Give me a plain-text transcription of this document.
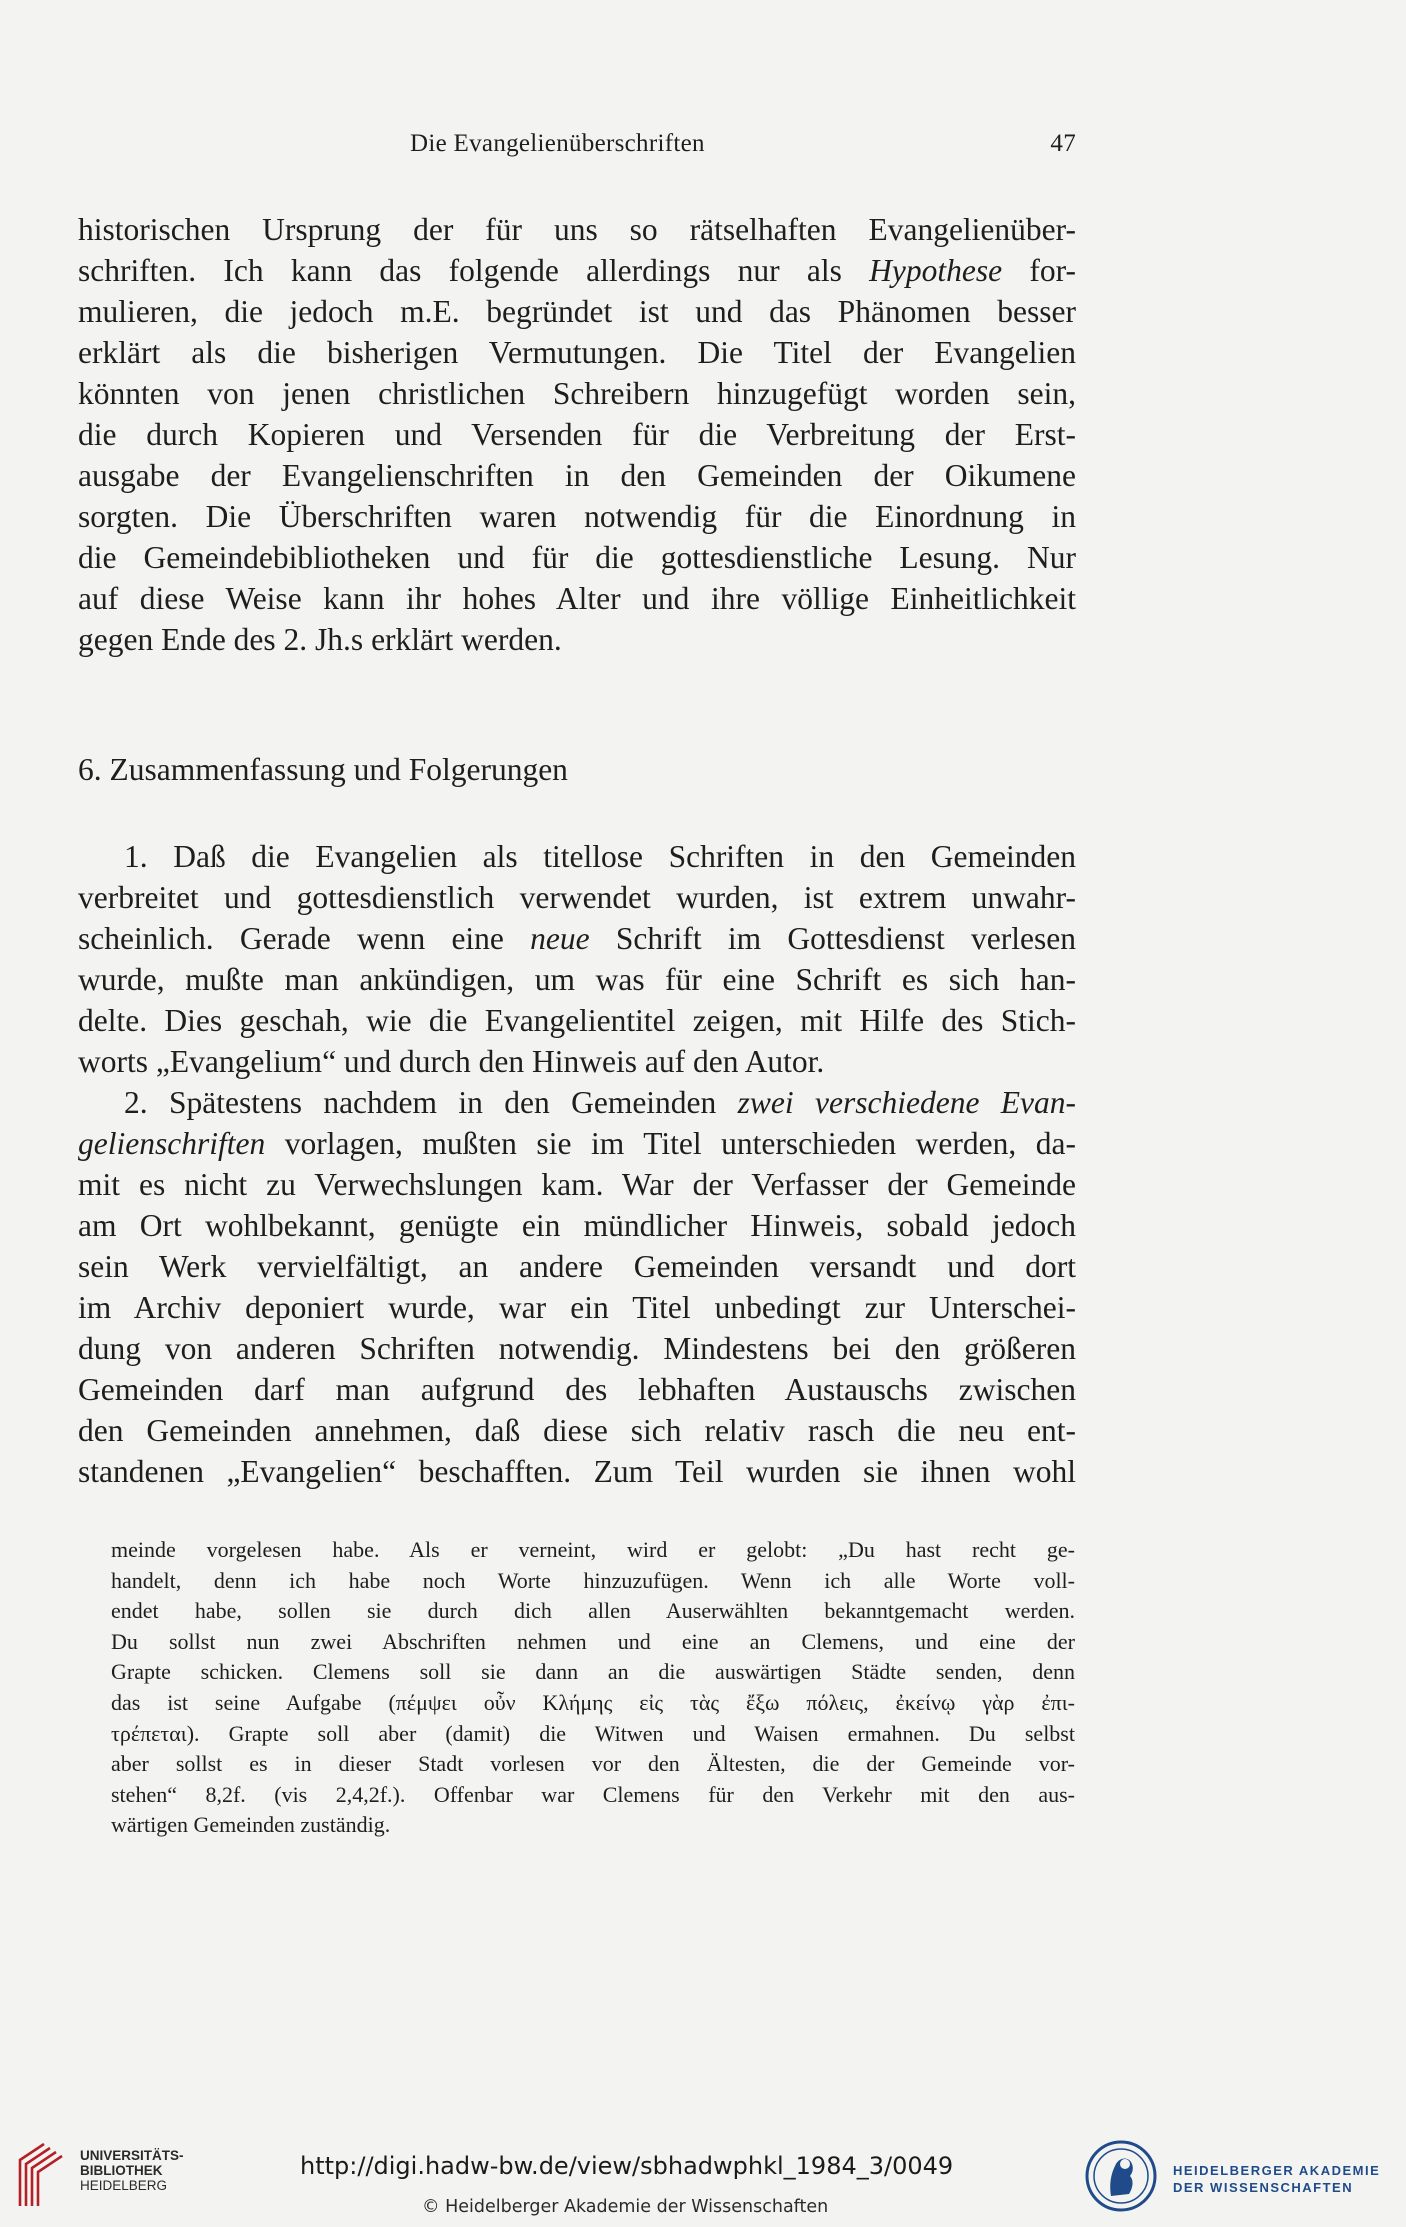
Die Evangelienüberschriften	47
historischen Ursprung der für uns so rätselhaften Evangelienüber-
schriften. Ich kann das folgende allerdings nur als Hypothese for-
mulieren, die jedoch m.E. begründet ist und das Phänomen besser
erklärt als die bisherigen Vermutungen. Die Titel der Evangelien
könnten von jenen christlichen Schreibern hinzugefügt worden sein,
die durch Kopieren und Versenden für die Verbreitung der Erst-
ausgabe der Evangelienschriften in den Gemeinden der Oikumene
sorgten. Die Überschriften waren notwendig für die Einordnung in
die Gemeindebibliotheken und für die gottesdienstliche Lesung. Nur
auf diese Weise kann ihr hohes Alter und ihre völlige Einheitlichkeit
gegen Ende des 2. Jh.s erklärt werden.
6. Zusammenfassung und Folgerungen
1. Daß die Evangelien als titellose Schriften in den Gemeinden
verbreitet und gottesdienstlich verwendet wurden, ist extrem unwahr-
scheinlich. Gerade wenn eine neue Schrift im Gottesdienst verlesen
wurde, mußte man ankündigen, um was für eine Schrift es sich han-
delte. Dies geschah, wie die Evangelientitel zeigen, mit Hilfe des Stich-
worts „Evangelium“ und durch den Hinweis auf den Autor.
2. Spätestens nachdem in den Gemeinden zwei verschiedene Evan-
gelienschriften vorlagen, mußten sie im Titel unterschieden werden, da-
mit es nicht zu Verwechslungen kam. War der Verfasser der Gemeinde
am Ort wohlbekannt, genügte ein mündlicher Hinweis, sobald jedoch
sein Werk vervielfältigt, an andere Gemeinden versandt und dort
im Archiv deponiert wurde, war ein Titel unbedingt zur Unterschei-
dung von anderen Schriften notwendig. Mindestens bei den größeren
Gemeinden darf man aufgrund des lebhaften Austauschs zwischen
den Gemeinden annehmen, daß diese sich relativ rasch die neu ent-
standenen „Evangelien“ beschafften. Zum Teil wurden sie ihnen wohl
meinde vorgelesen habe. Als er verneint, wird er gelobt: „Du hast recht ge-
handelt, denn ich habe noch Worte hinzuzufügen. Wenn ich alle Worte voll-
endet habe, sollen sie durch dich allen Auserwählten bekanntgemacht werden.
Du sollst nun zwei Abschriften nehmen und eine an Clemens, und eine der
Grapte schicken. Clemens soll sie dann an die auswärtigen Städte senden, denn
das ist seine Aufgabe (πέμψει οὖν Κλήμης εἰς τὰς ἔξω πόλεις, ἐκείνῳ γὰρ ἐπι-
τρέπεται). Grapte soll aber (damit) die Witwen und Waisen ermahnen. Du selbst
aber sollst es in dieser Stadt vorlesen vor den Ältesten, die der Gemeinde vor-
stehen“ 8,2f. (vis 2,4,2f.). Offenbar war Clemens für den Verkehr mit den aus-
wärtigen Gemeinden zuständig.
UNIVERSITÄTS-
BIBLIOTHEK
HEIDELBERG
http://digi.hadw-bw.de/view/sbhadwphkl_1984_3/0049
© Heidelberger Akademie der Wissenschaften
HEIDELBERGER AKADEMIE
DER WISSENSCHAFTEN
